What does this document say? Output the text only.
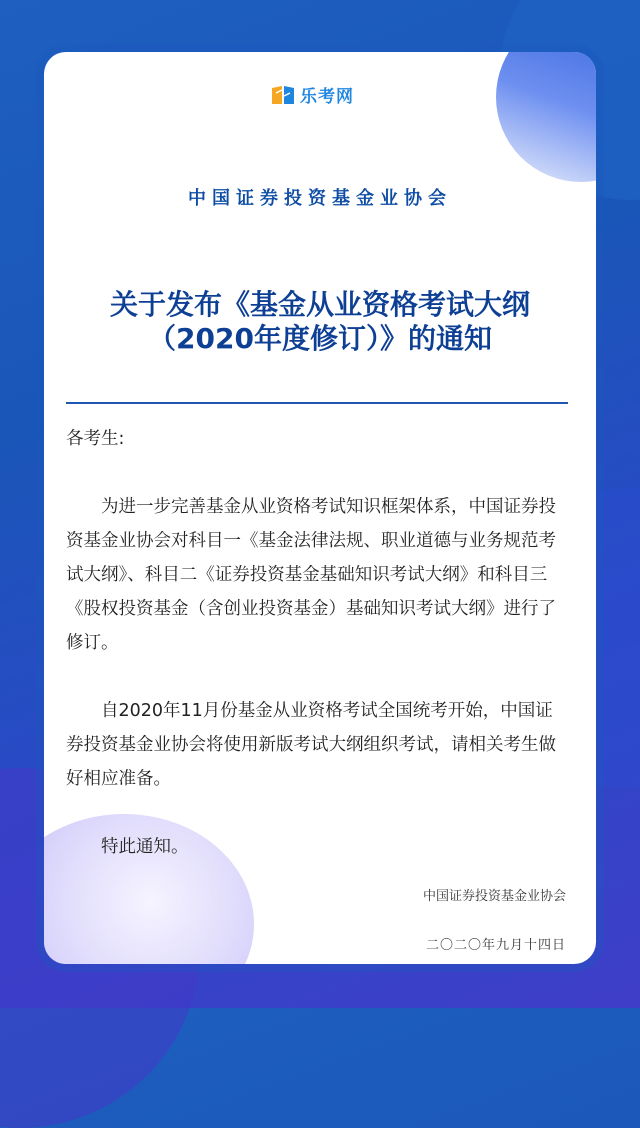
乐考网
中国证券投资基金业协会
关于发布《基金从业资格考试大纲
（2020年度修订）》的通知

各考生:

为进一步完善基金从业资格考试知识框架体系，中国证券投资基金业协会对科目一《基金法律法规、职业道德与业务规范考试大纲》、科目二《证券投资基金基础知识考试大纲》和科目三《股权投资基金（含创业投资基金）基础知识考试大纲》进行了修订。

自2020年11月份基金从业资格考试全国统考开始，中国证券投资基金业协会将使用新版考试大纲组织考试，请相关考生做好相应准备。

特此通知。

中国证券投资基金业协会
二〇二〇年九月十四日
